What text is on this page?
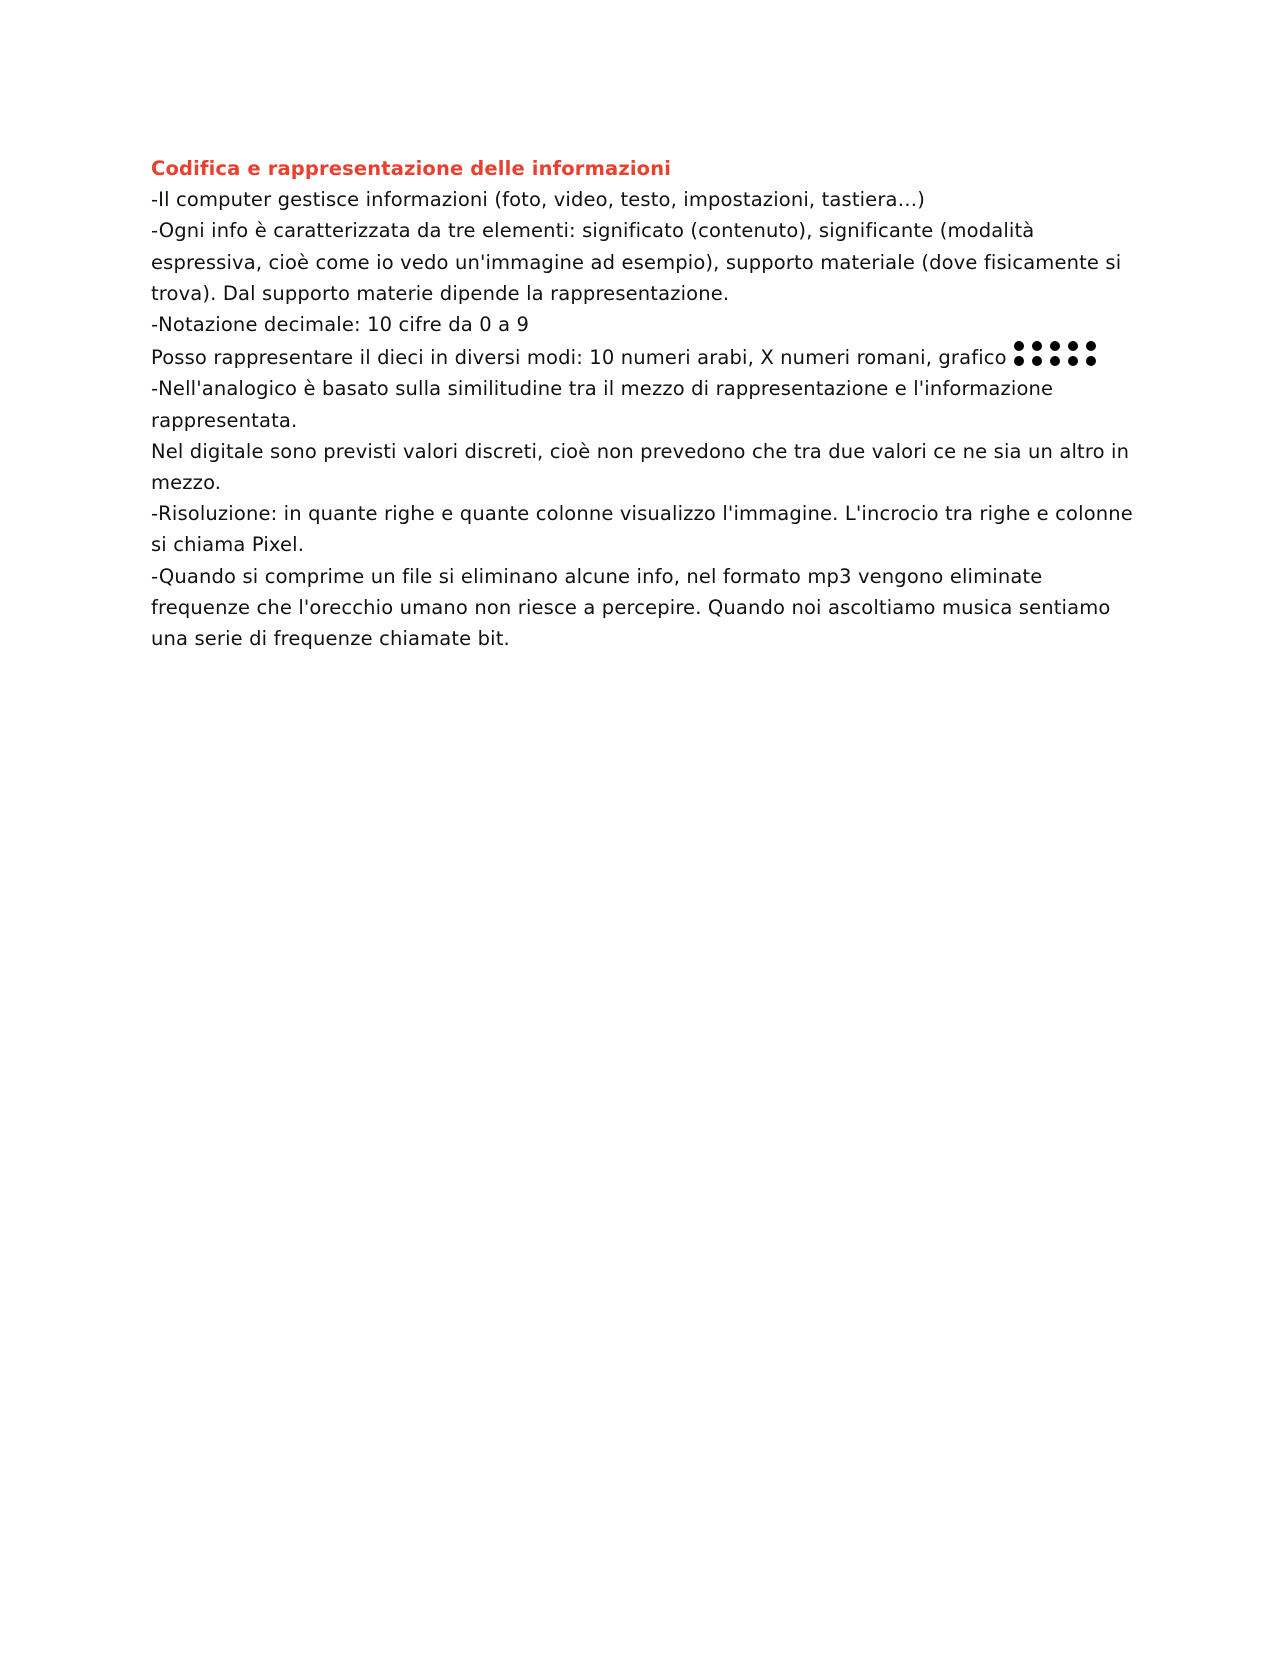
Codifica e rappresentazione delle informazioni

-Il computer gestisce informazioni (foto, video, testo, impostazioni, tastiera…)

-Ogni info è caratterizzata da tre elementi: significato (contenuto), significante (modalità espressiva, cioè come io vedo un'immagine ad esempio), supporto materiale (dove fisicamente si trova). Dal supporto materie dipende la rappresentazione.

-Notazione decimale: 10 cifre da 0 a 9

Posso rappresentare il dieci in diversi modi: 10 numeri arabi, X numeri romani, grafico

-Nell'analogico è basato sulla similitudine tra il mezzo di rappresentazione e l'informazione rappresentata.

Nel digitale sono previsti valori discreti, cioè non prevedono che tra due valori ce ne sia un altro in mezzo.

-Risoluzione: in quante righe e quante colonne visualizzo l'immagine. L'incrocio tra righe e colonne si chiama Pixel.

-Quando si comprime un file si eliminano alcune info, nel formato mp3 vengono eliminate frequenze che l'orecchio umano non riesce a percepire. Quando noi ascoltiamo musica sentiamo una serie di frequenze chiamate bit.
